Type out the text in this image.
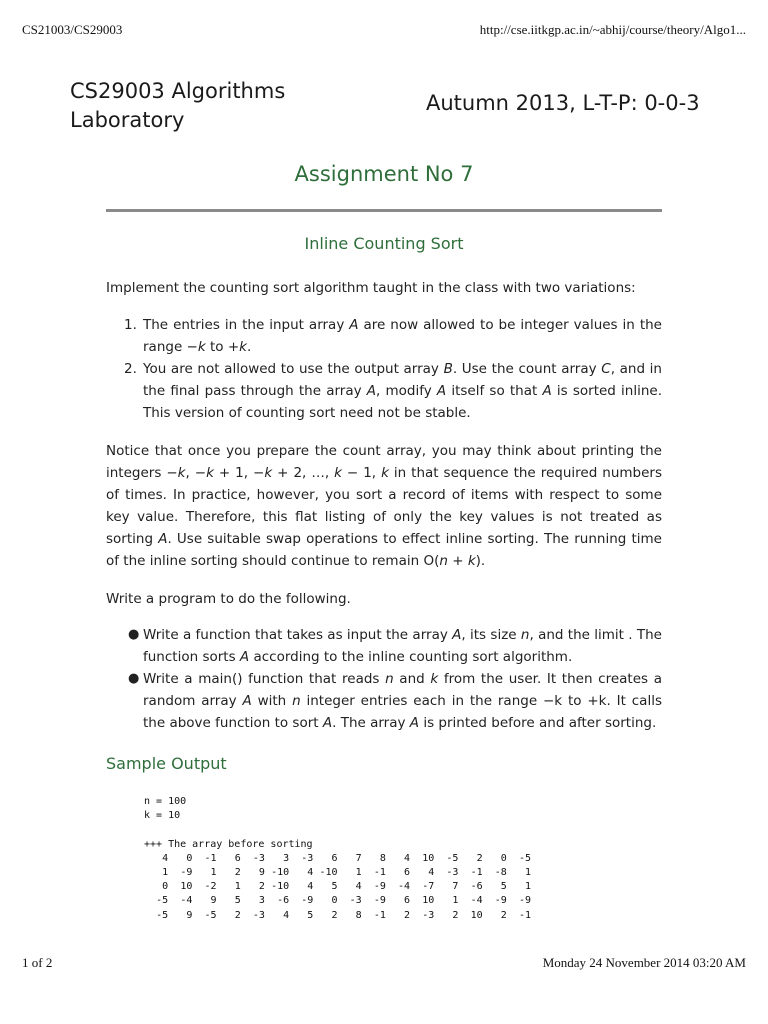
CS21003/CS29003	http://cse.iitkgp.ac.in/~abhij/course/theory/Algo1...
CS29003 Algorithms Laboratory
Autumn 2013, L-T-P: 0-0-3
Assignment No 7
Inline Counting Sort
Implement the counting sort algorithm taught in the class with two variations:
1. The entries in the input array A are now allowed to be integer values in the range −k to +k.
2. You are not allowed to use the output array B. Use the count array C, and in the final pass through the array A, modify A itself so that A is sorted inline. This version of counting sort need not be stable.
Notice that once you prepare the count array, you may think about printing the integers −k, −k + 1, −k + 2, …, k − 1, k in that sequence the required numbers of times. In practice, however, you sort a record of items with respect to some key value. Therefore, this flat listing of only the key values is not treated as sorting A. Use suitable swap operations to effect inline sorting. The running time of the inline sorting should continue to remain O(n + k).
Write a program to do the following.
● Write a function that takes as input the array A, its size n, and the limit . The function sorts A according to the inline counting sort algorithm.
● Write a main() function that reads n and k from the user. It then creates a random array A with n integer entries each in the range −k to +k. It calls the above function to sort A. The array A is printed before and after sorting.
Sample Output
n = 100
k = 10
+++ The array before sorting
4	0	-1	6	-3	3	-3	6	7	8	4	10	-5	2	0	-5
1	-9	1	2	9	-10	4	-10	1	-1	6	4	-3	-1	-8	1
0	10	-2	1	2	-10	4	5	4	-9	-4	-7	7	-6	5	1
-5	-4	9	5	3	-6	-9	0	-3	-9	6	10	1	-4	-9	-9
-5	9	-5	2	-3	4	5	2	8	-1	2	-3	2	10	2	-1
1 of 2	Monday 24 November 2014 03:20 AM
